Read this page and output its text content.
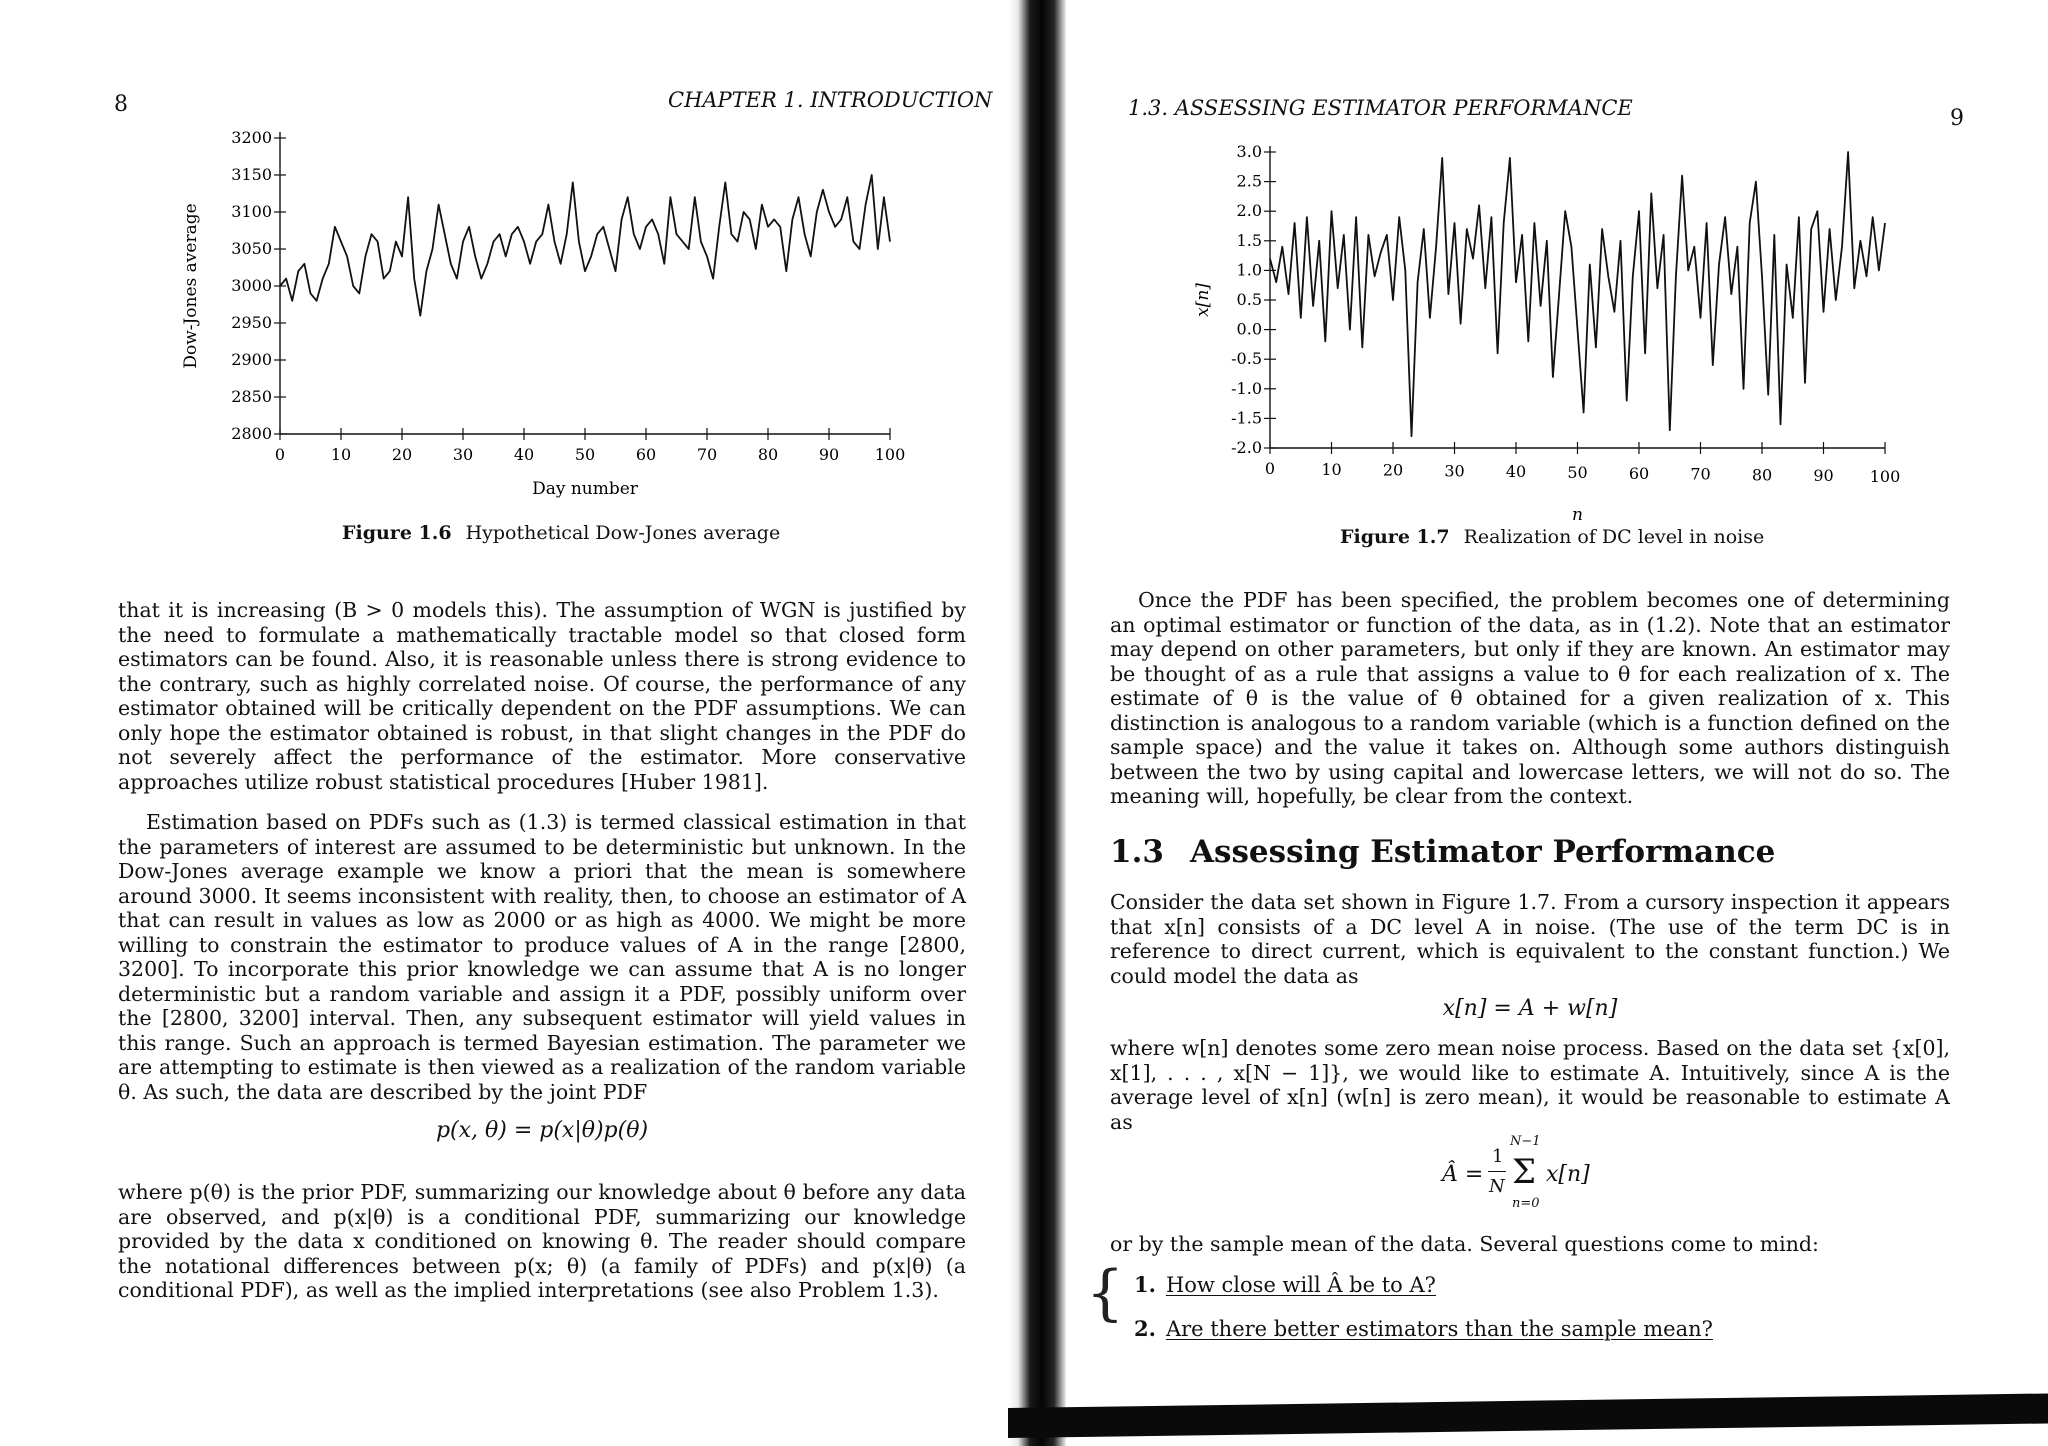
8	CHAPTER 1. INTRODUCTION
3200
3150
3100
3050
3000
2950
2900
2850
2800
0	10	20	30	40	50	60	70	80	90 100
Day number
Dow-Jones average
Figure 1.6 Hypothetical Dow-Jones average

that it is increasing (B > 0 models this). The assumption of WGN is justified by the need to formulate a mathematically tractable model so that closed form estimators can be found. Also, it is reasonable unless there is strong evidence to the contrary, such as highly correlated noise. Of course, the performance of any estimator obtained will be critically dependent on the PDF assumptions. We can only hope the estimator obtained is robust, in that slight changes in the PDF do not severely affect the performance of the estimator. More conservative approaches utilize robust statistical procedures [Huber 1981].

Estimation based on PDFs such as (1.3) is termed classical estimation in that the parameters of interest are assumed to be deterministic but unknown. In the Dow-Jones average example we know a priori that the mean is somewhere around 3000. It seems inconsistent with reality, then, to choose an estimator of A that can result in values as low as 2000 or as high as 4000. We might be more willing to constrain the estimator to produce values of A in the range [2800, 3200]. To incorporate this prior knowledge we can assume that A is no longer deterministic but a random variable and assign it a PDF, possibly uniform over the [2800, 3200] interval. Then, any subsequent estimator will yield values in this range. Such an approach is termed Bayesian estimation. The parameter we are attempting to estimate is then viewed as a realization of the random variable θ. As such, the data are described by the joint PDF

p(x, θ) = p(x|θ)p(θ)

where p(θ) is the prior PDF, summarizing our knowledge about θ before any data are observed, and p(x|θ) is a conditional PDF, summarizing our knowledge provided by the data x conditioned on knowing θ. The reader should compare the notational differences between p(x; θ) (a family of PDFs) and p(x|θ) (a conditional PDF), as well as the implied interpretations (see also Problem 1.3).

1.3. ASSESSING ESTIMATOR PERFORMANCE	9
3.0
2.5
2.0
1.5
1.0
0.5
0.0
-0.5
-1.0
-1.5
-2.0
0	10	20	30	40	50	60	70	80	90 100
n
x[n]
Figure 1.7 Realization of DC level in noise

Once the PDF has been specified, the problem becomes one of determining an optimal estimator or function of the data, as in (1.2). Note that an estimator may depend on other parameters, but only if they are known. An estimator may be thought of as a rule that assigns a value to θ for each realization of x. The estimate of θ is the value of θ obtained for a given realization of x. This distinction is analogous to a random variable (which is a function defined on the sample space) and the value it takes on. Although some authors distinguish between the two by using capital and lowercase letters, we will not do so. The meaning will, hopefully, be clear from the context.

1.3 Assessing Estimator Performance

Consider the data set shown in Figure 1.7. From a cursory inspection it appears that x[n] consists of a DC level A in noise. (The use of the term DC is in reference to direct current, which is equivalent to the constant function.) We could model the data as

x[n] = A + w[n]

where w[n] denotes some zero mean noise process. Based on the data set {x[0], x[1], . . . , x[N − 1]}, we would like to estimate A. Intuitively, since A is the average level of x[n] (w[n] is zero mean), it would be reasonable to estimate A as

Â =
1
N
N−1
Σ
n=0
x[n]

or by the sample mean of the data. Several questions come to mind:

{ 1. How close will Â be to A?
2. Are there better estimators than the sample mean?
